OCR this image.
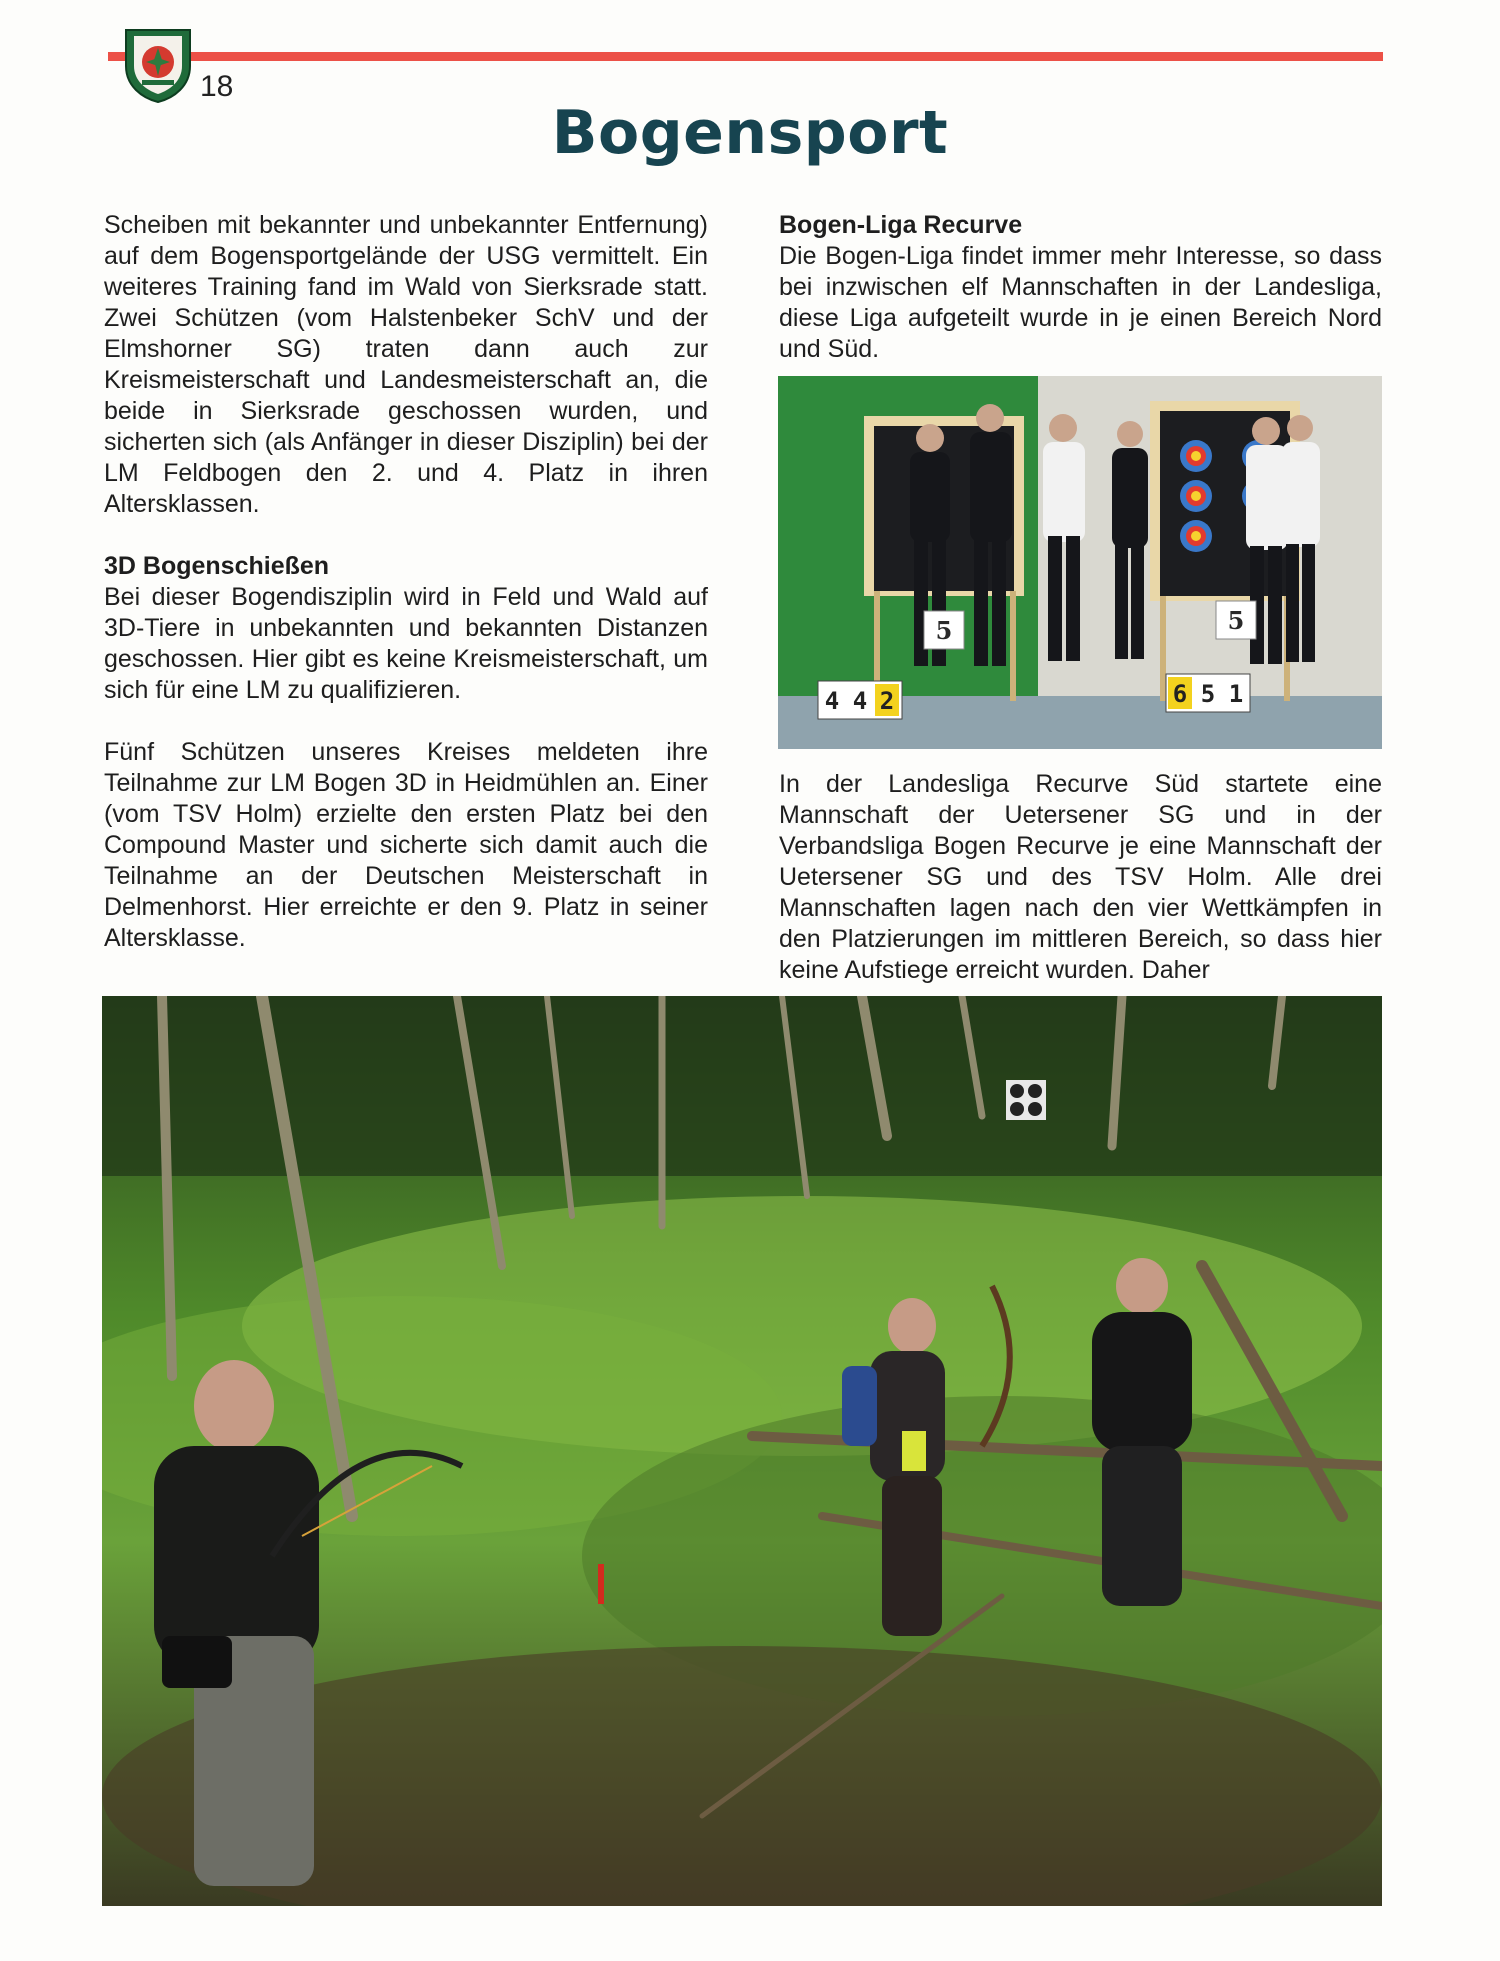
18
Bogensport

Scheiben mit bekannter und unbekannter Entfernung) auf dem Bogensportgelände der USG vermittelt. Ein weiteres Training fand im Wald von Sierksrade statt. Zwei Schützen (vom Halstenbeker SchV und der Elmshorner SG) traten dann auch zur Kreismeisterschaft und Landesmeisterschaft an, die beide in Sierksrade geschossen wurden, und sicherten sich (als Anfänger in dieser Disziplin) bei der LM Feldbogen den 2. und 4. Platz in ihren Altersklassen.

3D Bogenschießen

Bei dieser Bogendisziplin wird in Feld und Wald auf 3D-Tiere in unbekannten und bekannten Distanzen geschossen. Hier gibt es keine Kreismeisterschaft, um sich für eine LM zu qualifizieren.

Fünf Schützen unseres Kreises meldeten ihre Teilnahme zur LM Bogen 3D in Heidmühlen an. Einer (vom TSV Holm) erzielte den ersten Platz bei den Compound Master und sicherte sich damit auch die Teilnahme an der Deutschen Meisterschaft in Delmenhorst. Hier erreichte er den 9. Platz in seiner Altersklasse.

Bogen-Liga Recurve

Die Bogen-Liga findet immer mehr Interesse, so dass bei inzwischen elf Mannschaften in der Landesliga, diese Liga aufgeteilt wurde in je einen Bereich Nord und Süd.

5	5
4 4 2	6 5 1

In der Landesliga Recurve Süd startete eine Mannschaft der Uetersener SG und in der Verbandsliga Bogen Recurve je eine Mannschaft der Uetersener SG und des TSV Holm. Alle drei Mannschaften lagen nach den vier Wettkämpfen in den Platzierungen im mittleren Bereich, so dass hier keine Aufstiege erreicht wurden. Daher
